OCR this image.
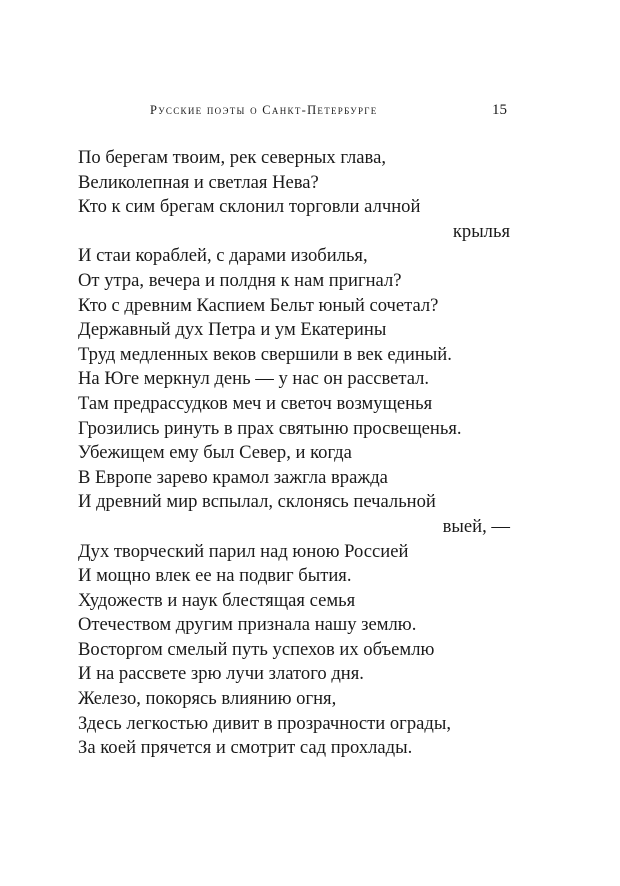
Русские поэты о Санкт-Петербурге	15
По берегам твоим, рек северных глава,
Великолепная и светлая Нева?
Кто к сим брегам склонил торговли алчной
крылья
И стаи кораблей, с дарами изобилья,
От утра, вечера и полдня к нам пригнал?
Кто с древним Каспием Бельт юный сочетал?
Державный дух Петра и ум Екатерины
Труд медленных веков свершили в век единый.
На Юге меркнул день — у нас он рассветал.
Там предрассудков меч и светоч возмущенья
Грозились ринуть в прах святыню просвещенья.
Убежищем ему был Север, и когда
В Европе зарево крамол зажгла вражда
И древний мир вспылал, склонясь печальной
выей, —
Дух творческий парил над юною Россией
И мощно влек ее на подвиг бытия.
Художеств и наук блестящая семья
Отечеством другим признала нашу землю.
Восторгом смелый путь успехов их объемлю
И на рассвете зрю лучи златого дня.
Железо, покорясь влиянию огня,
Здесь легкостью дивит в прозрачности ограды,
За коей прячется и смотрит сад прохлады.
